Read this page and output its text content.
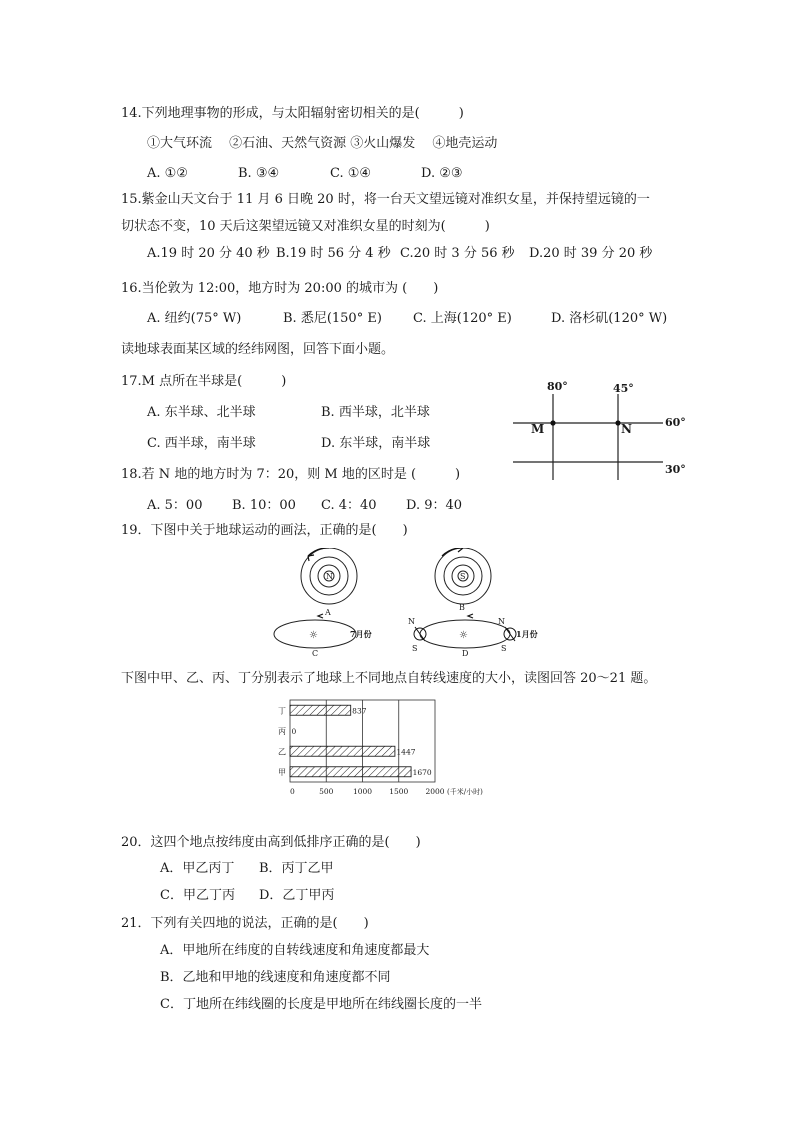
14.下列地理事物的形成，与太阳辐射密切相关的是(　　　)
①大气环流　 ②石油、天然气资源 ③火山爆发　 ④地壳运动
A. ①②	B. ③④	C. ①④	D. ②③
15.紫金山天文台于 11 月 6 日晚 20 时，将一台天文望远镜对准织女星，并保持望远镜的一
切状态不变，10 天后这架望远镜又对准织女星的时刻为(　　　)
A.19 时 20 分 40 秒 B.19 时 56 分 4 秒 C.20 时 3 分 56 秒 D.20 时 39 分 20 秒
16.当伦敦为 12:00，地方时为 20:00 的城市为 (　　)
A. 纽约(75° W)	B. 悉尼(150° E) C. 上海(120° E)	D. 洛杉矶(120° W)
读地球表面某区域的经纬网图，回答下面小题。
17.M 点所在半球是(　　　)
A. 东半球、北半球	B. 西半球，北半球
C. 西半球，南半球	D. 东半球，南半球
80°	45°
60°
30°
M	N
18.若 N 地的地方时为 7：20，则 M 地的区时是 (　　　)
A. 5：00 B. 10：00 C. 4：40 D. 9：40
19．下图中关于地球运动的画法，正确的是(　　)
N
A
S
B
☼	7月份
C
N
S
N
S
☼	1月份
D
下图中甲、乙、丙、丁分别表示了地球上不同地点自转线速度的大小，读图回答 20～21 题。
0	500	1000 1500 2000 (千米/小时)
丁	837
丙 0
乙	1447
甲	1670
20．这四个地点按纬度由高到低排序正确的是(　　)
A．甲乙丙丁 B．丙丁乙甲
C．甲乙丁丙 D．乙丁甲丙
21．下列有关四地的说法，正确的是(　　)
A．甲地所在纬度的自转线速度和角速度都最大
B．乙地和甲地的线速度和角速度都不同
C．丁地所在纬线圈的长度是甲地所在纬线圈长度的一半
